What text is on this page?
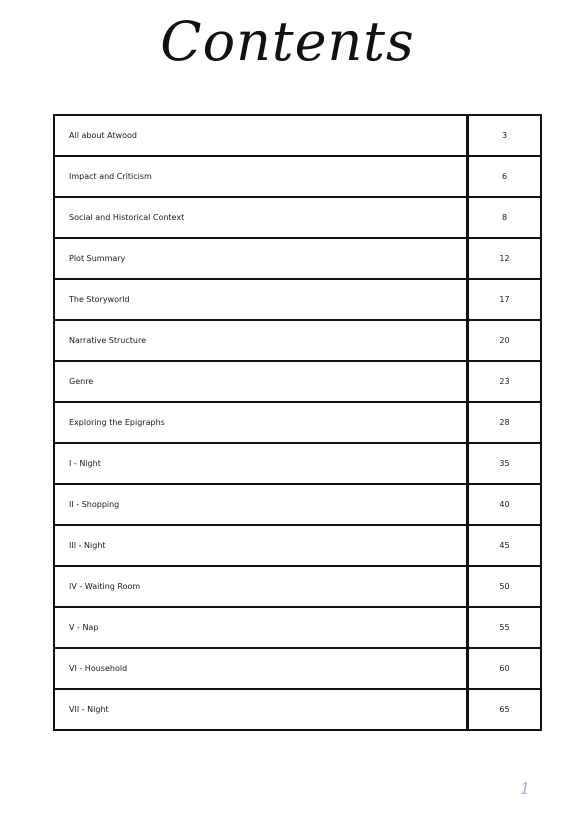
Contents
All about Atwood	3
Impact and Criticism	6
Social and Historical Context	8
Plot Summary	12
The Storyworld	17
Narrative Structure	20
Genre	23
Exploring the Epigraphs	28
I - Night	35
II - Shopping	40
III - Night	45
IV - Waiting Room	50
V - Nap	55
VI - Household	60
VII - Night	65
1
